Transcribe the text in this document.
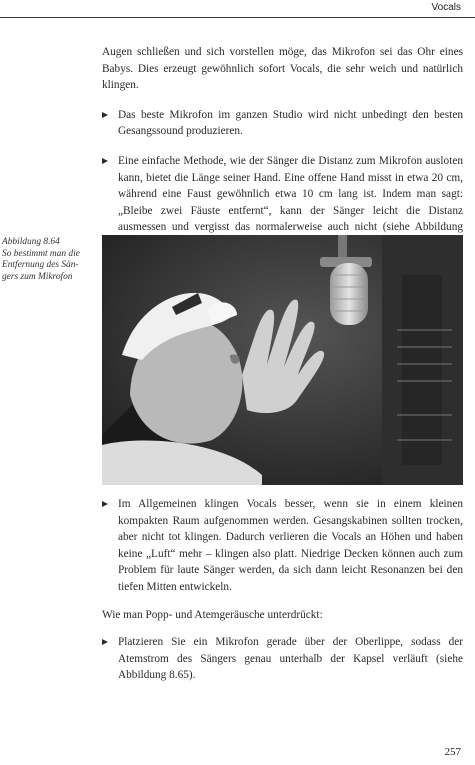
Vocals

Augen schließen und sich vorstellen möge, das Mikrofon sei das Ohr eines Babys. Dies erzeugt gewöhnlich sofort Vocals, die sehr weich und natürlich klingen.

Das beste Mikrofon im ganzen Studio wird nicht unbedingt den besten Gesangssound produzieren.

Eine einfache Methode, wie der Sänger die Distanz zum Mikrofon ausloten kann, bietet die Länge seiner Hand. Eine offene Hand misst in etwa 20 cm, während eine Faust gewöhnlich etwa 10 cm lang ist. Indem man sagt: „Bleibe zwei Fäuste entfernt“, kann der Sänger leicht die Distanz ausmessen und vergisst das normalerweise auch nicht (siehe Abbildung

Abbildung 8.64
So bestimmt man die
Entfernung des Sän-
gers zum Mikrofon

Im Allgemeinen klingen Vocals besser, wenn sie in einem kleinen kompakten Raum aufgenommen werden. Gesangskabinen sollten trocken, aber nicht tot klingen. Dadurch verlieren die Vocals an Höhen und haben keine „Luft“ mehr – klingen also platt. Niedrige Decken können auch zum Problem für laute Sänger werden, da sich dann leicht Resonanzen bei den tiefen Mitten entwickeln.

Wie man Popp- und Atemgeräusche unterdrückt:

Platzieren Sie ein Mikrofon gerade über der Oberlippe, sodass der Atemstrom des Sängers genau unterhalb der Kapsel verläuft (siehe Abbildung 8.65).

257
